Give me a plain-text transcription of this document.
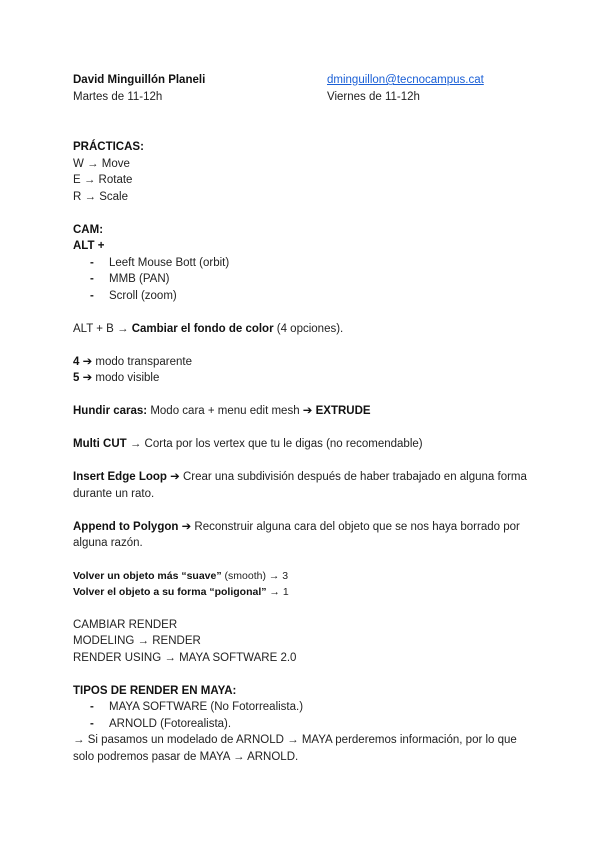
David Minguillón Planeli
Martes de 11-12h
dminguillon@tecnocampus.cat
Viernes de 11-12h
PRÁCTICAS:
W → Move
E → Rotate
R → Scale
CAM:
ALT +
- Leeft Mouse Bott (orbit)
- MMB (PAN)
- Scroll (zoom)
ALT + B → Cambiar el fondo de color (4 opciones).
4 ➔ modo transparente
5 ➔ modo visible
Hundir caras: Modo cara + menu edit mesh ➔ EXTRUDE
Multi CUT → Corta por los vertex que tu le digas (no recomendable)
Insert Edge Loop ➔ Crear una subdivisión después de haber trabajado en alguna forma durante un rato.
Append to Polygon ➔ Reconstruir alguna cara del objeto que se nos haya borrado por alguna razón.
Volver un objeto más “suave” (smooth) → 3
Volver el objeto a su forma “poligonal” → 1
CAMBIAR RENDER
MODELING → RENDER
RENDER USING → MAYA SOFTWARE 2.0
TIPOS DE RENDER EN MAYA:
- MAYA SOFTWARE (No Fotorrealista.)
- ARNOLD (Fotorealista).
→ Si pasamos un modelado de ARNOLD → MAYA perderemos información, por lo que solo podremos pasar de MAYA → ARNOLD.
